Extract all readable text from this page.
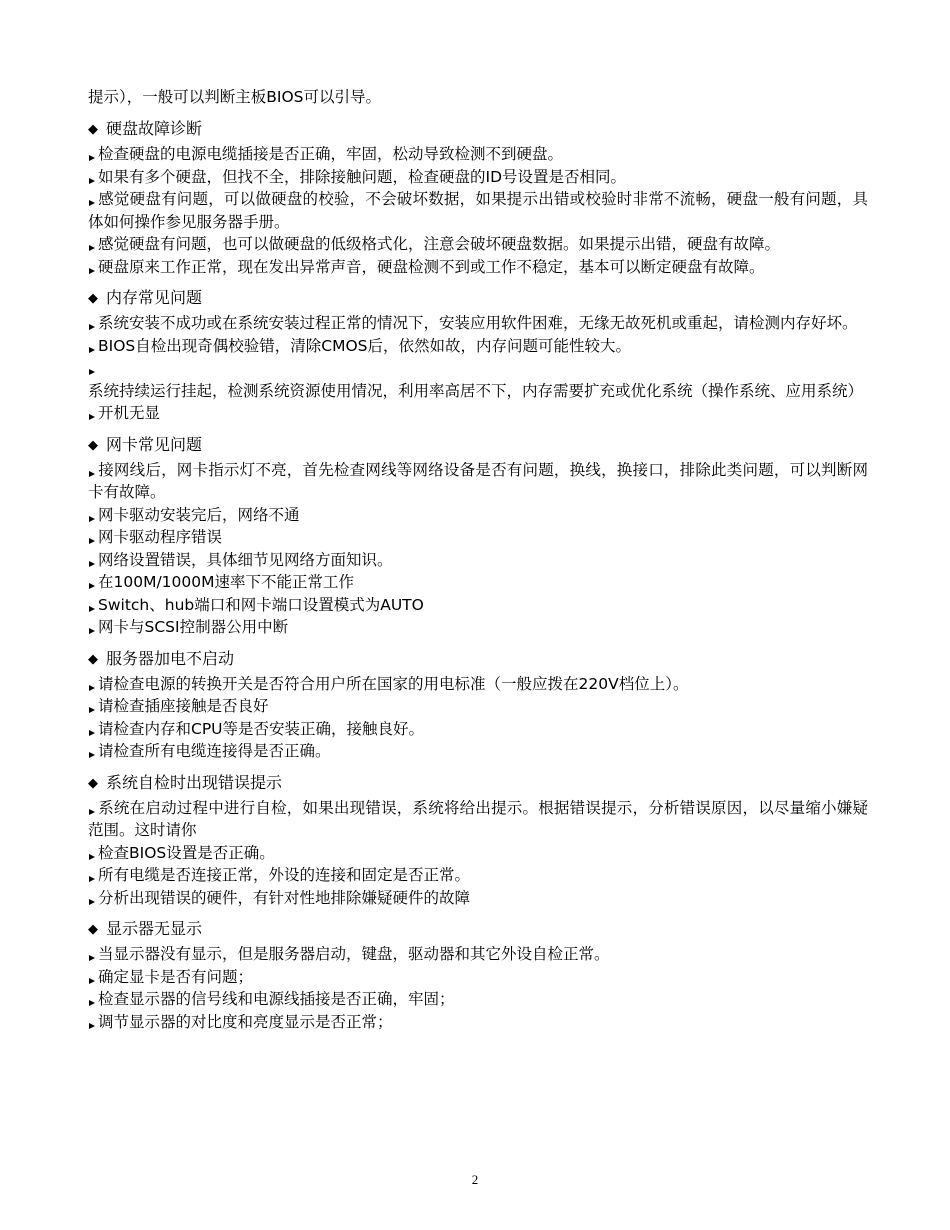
提示），一般可以判断主板BIOS可以引导。

◆ 硬盘故障诊断

检查硬盘的电源电缆插接是否正确，牢固，松动导致检测不到硬盘。

如果有多个硬盘，但找不全，排除接触问题，检查硬盘的ID号设置是否相同。

感觉硬盘有问题，可以做硬盘的校验，不会破坏数据，如果提示出错或校验时非常不流畅，硬盘一般有问题，具体如何操作参见服务器手册。

感觉硬盘有问题，也可以做硬盘的低级格式化，注意会破坏硬盘数据。如果提示出错，硬盘有故障。

硬盘原来工作正常，现在发出异常声音，硬盘检测不到或工作不稳定，基本可以断定硬盘有故障。

◆ 内存常见问题

系统安装不成功或在系统安装过程正常的情况下，安装应用软件困难，无缘无故死机或重起，请检测内存好坏。

BIOS自检出现奇偶校验错，清除CMOS后，依然如故，内存问题可能性较大。

系统持续运行挂起，检测系统资源使用情况，利用率高居不下，内存需要扩充或优化系统（操作系统、应用系统）

开机无显

◆ 网卡常见问题

接网线后，网卡指示灯不亮，首先检查网线等网络设备是否有问题，换线，换接口，排除此类问题，可以判断网卡有故障。

网卡驱动安装完后，网络不通

网卡驱动程序错误

网络设置错误，具体细节见网络方面知识。

在100M/1000M速率下不能正常工作

Switch、hub端口和网卡端口设置模式为AUTO

网卡与SCSI控制器公用中断

◆ 服务器加电不启动

请检查电源的转换开关是否符合用户所在国家的用电标准（一般应拨在220V档位上）。

请检查插座接触是否良好

请检查内存和CPU等是否安装正确，接触良好。

请检查所有电缆连接得是否正确。

◆ 系统自检时出现错误提示

系统在启动过程中进行自检，如果出现错误，系统将给出提示。根据错误提示，分析错误原因，以尽量缩小嫌疑范围。这时请你

检查BIOS设置是否正确。

所有电缆是否连接正常，外设的连接和固定是否正常。

分析出现错误的硬件，有针对性地排除嫌疑硬件的故障

◆ 显示器无显示

当显示器没有显示，但是服务器启动，键盘，驱动器和其它外设自检正常。

确定显卡是否有问题；

检查显示器的信号线和电源线插接是否正确，牢固；

调节显示器的对比度和亮度显示是否正常；

2
